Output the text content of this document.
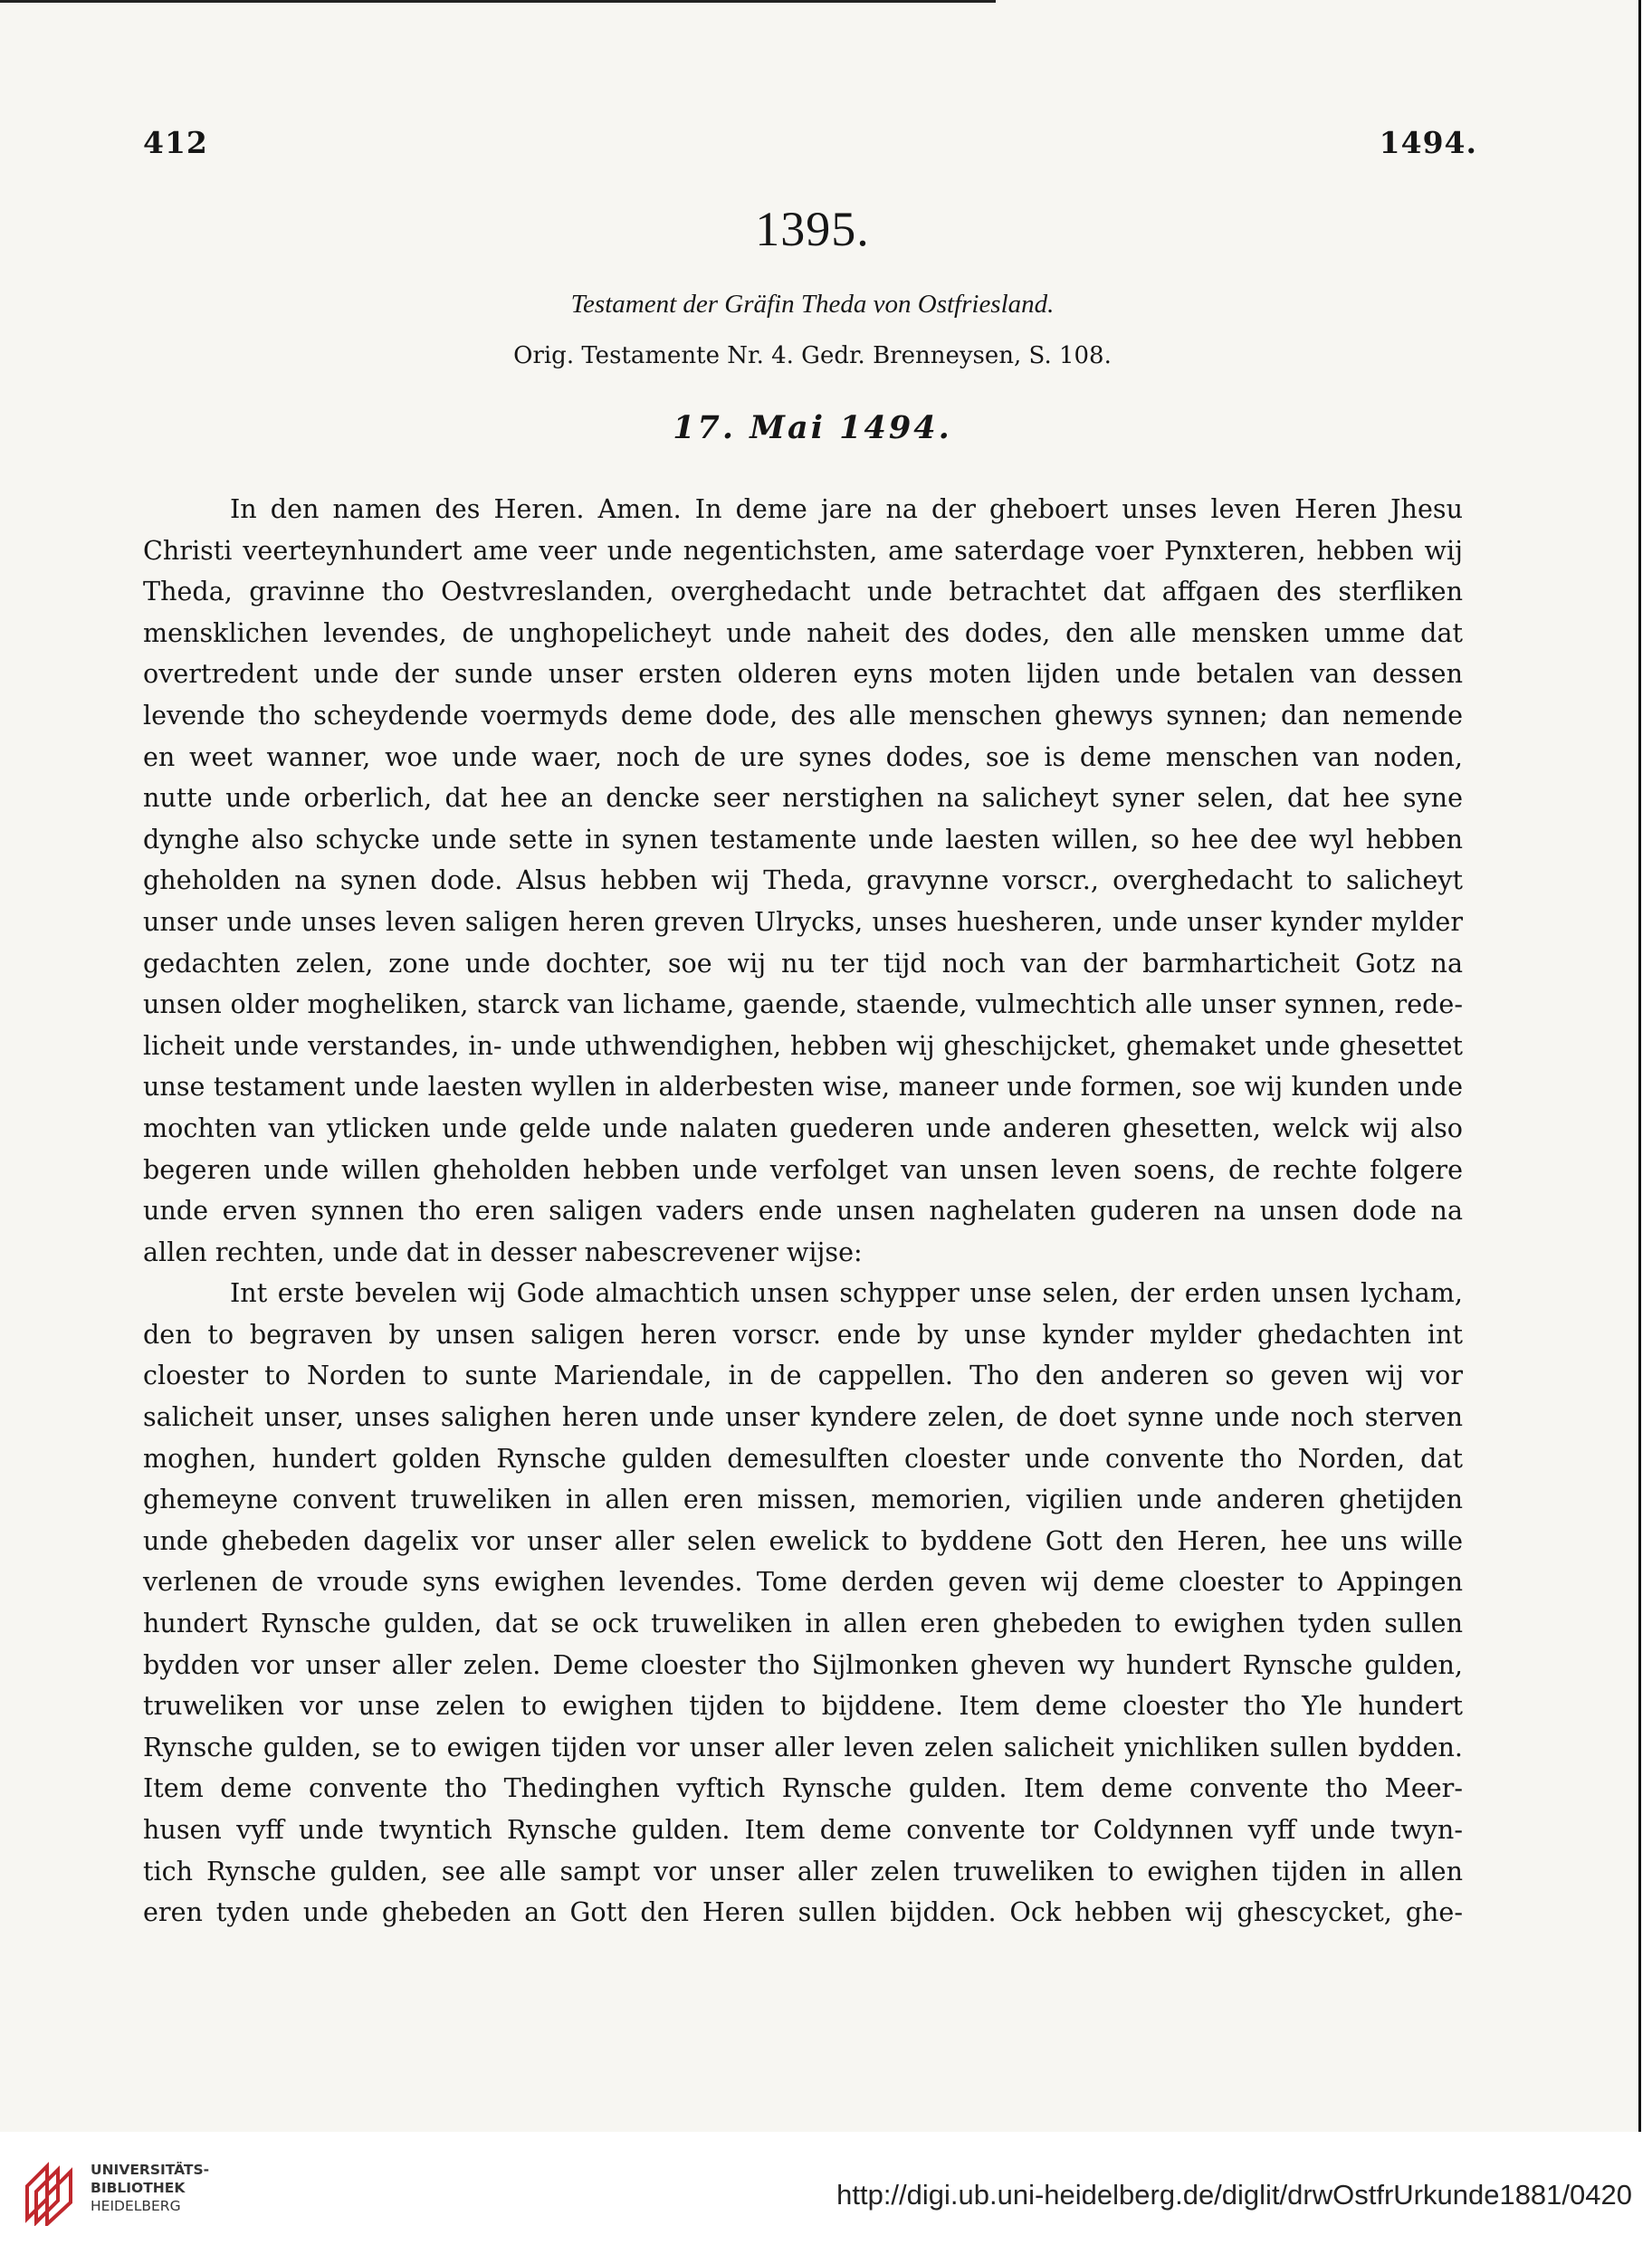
412	1494.
1395.
Testament der Gräfin Theda von Ostfriesland.
Orig. Testamente Nr. 4. Gedr. Brenneysen, S. 108.
17. Mai 1494.
In den namen des Heren. Amen. In deme jare na der gheboert unses leven Heren Jhesu
Christi veerteynhundert ame veer unde negentichsten, ame saterdage voer Pynxteren, hebben wij
Theda, gravinne tho Oestvreslanden, overghedacht unde betrachtet dat affgaen des sterfliken
mensklichen levendes, de unghopelicheyt unde naheit des dodes, den alle mensken umme dat
overtredent unde der sunde unser ersten olderen eyns moten lijden unde betalen van dessen
levende tho scheydende voermyds deme dode, des alle menschen ghewys synnen; dan nemende
en weet wanner, woe unde waer, noch de ure synes dodes, soe is deme menschen van noden,
nutte unde orberlich, dat hee an dencke seer nerstighen na salicheyt syner selen, dat hee syne
dynghe also schycke unde sette in synen testamente unde laesten willen, so hee dee wyl hebben
gheholden na synen dode. Alsus hebben wij Theda, gravynne vorscr., overghedacht to salicheyt
unser unde unses leven saligen heren greven Ulrycks, unses huesheren, unde unser kynder mylder
gedachten zelen, zone unde dochter, soe wij nu ter tijd noch van der barmharticheit Gotz na
unsen older mogheliken, starck van lichame, gaende, staende, vulmechtich alle unser synnen, rede-
licheit unde verstandes, in- unde uthwendighen, hebben wij gheschijcket, ghemaket unde ghesettet
unse testament unde laesten wyllen in alderbesten wise, maneer unde formen, soe wij kunden unde
mochten van ytlicken unde gelde unde nalaten guederen unde anderen ghesetten, welck wij also
begeren unde willen gheholden hebben unde verfolget van unsen leven soens, de rechte folgere
unde erven synnen tho eren saligen vaders ende unsen naghelaten guderen na unsen dode na
allen rechten, unde dat in desser nabescrevener wijse:
Int erste bevelen wij Gode almachtich unsen schypper unse selen, der erden unsen lycham,
den to begraven by unsen saligen heren vorscr. ende by unse kynder mylder ghedachten int
cloester to Norden to sunte Mariendale, in de cappellen. Tho den anderen so geven wij vor
salicheit unser, unses salighen heren unde unser kyndere zelen, de doet synne unde noch sterven
moghen, hundert golden Rynsche gulden demesulften cloester unde convente tho Norden, dat
ghemeyne convent truweliken in allen eren missen, memorien, vigilien unde anderen ghetijden
unde ghebeden dagelix vor unser aller selen ewelick to byddene Gott den Heren, hee uns wille
verlenen de vroude syns ewighen levendes. Tome derden geven wij deme cloester to Appingen
hundert Rynsche gulden, dat se ock truweliken in allen eren ghebeden to ewighen tyden sullen
bydden vor unser aller zelen. Deme cloester tho Sijlmonken gheven wy hundert Rynsche gulden,
truweliken vor unse zelen to ewighen tijden to bijddene. Item deme cloester tho Yle hundert
Rynsche gulden, se to ewigen tijden vor unser aller leven zelen salicheit ynichliken sullen bydden.
Item deme convente tho Thedinghen vyftich Rynsche gulden. Item deme convente tho Meer-
husen vyff unde twyntich Rynsche gulden. Item deme convente tor Coldynnen vyff unde twyn-
tich Rynsche gulden, see alle sampt vor unser aller zelen truweliken to ewighen tijden in allen
eren tyden unde ghebeden an Gott den Heren sullen bijdden. Ock hebben wij ghescycket, ghe-
UNIVERSITÄTS-
BIBLIOTHEK
HEIDELBERG	http://digi.ub.uni-heidelberg.de/diglit/drwOstfrUrkunde1881/0420
